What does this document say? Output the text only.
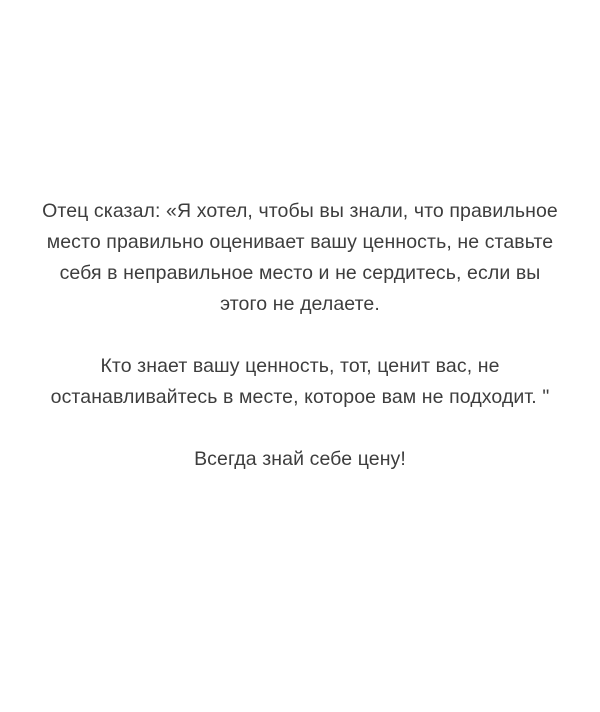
Отец сказал: «Я хотел, чтобы вы знали, что правильное место правильно оценивает вашу ценность, не ставьте себя в неправильное место и не сердитесь, если вы этого не делаете.

Кто знает вашу ценность, тот, ценит вас, не останавливайтесь в месте, которое вам не подходит. "

Всегда знай себе цену!
